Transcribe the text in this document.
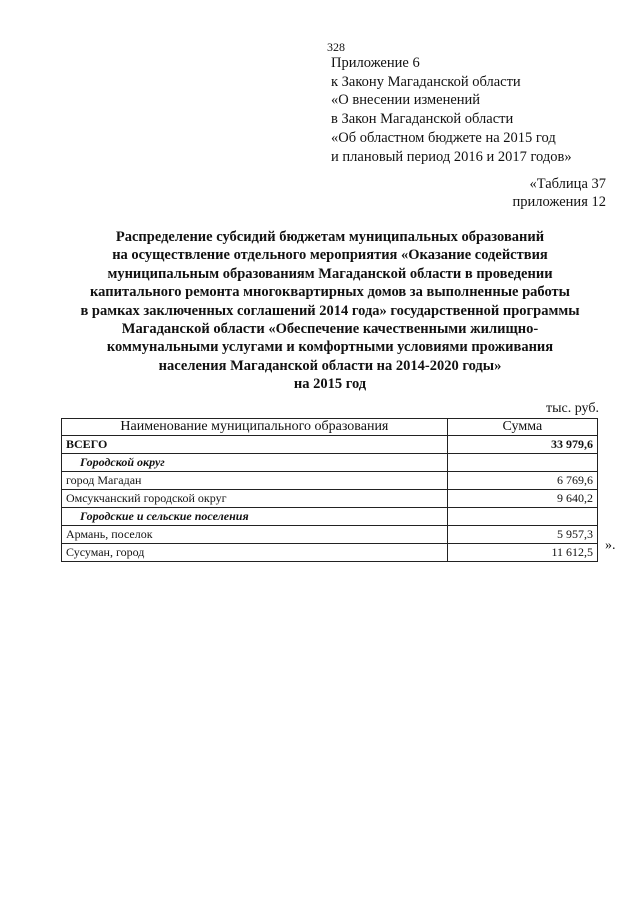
328
Приложение 6
к Закону Магаданской области
«О внесении изменений
в Закон Магаданской области
«Об областном бюджете на 2015 год
и плановый период 2016 и 2017 годов»
«Таблица 37
приложения 12
Распределение субсидий бюджетам муниципальных образований
на осуществление отдельного мероприятия «Оказание содействия
муниципальным образованиям Магаданской области в проведении
капитального ремонта многоквартирных домов за выполненные работы
в рамках заключенных соглашений 2014 года» государственной программы
Магаданской области «Обеспечение качественными жилищно-
коммунальными услугами и комфортными условиями проживания
населения Магаданской области на 2014-2020 годы»
на 2015 год
тыс. руб.
Наименование муниципального образования	Сумма
ВСЕГО	33 979,6
Городской округ	
город Магадан	6 769,6
Омсукчанский городской округ	9 640,2
Городские и сельские поселения	
Армань, поселок	5 957,3
Сусуман, город	11 612,5 ».
